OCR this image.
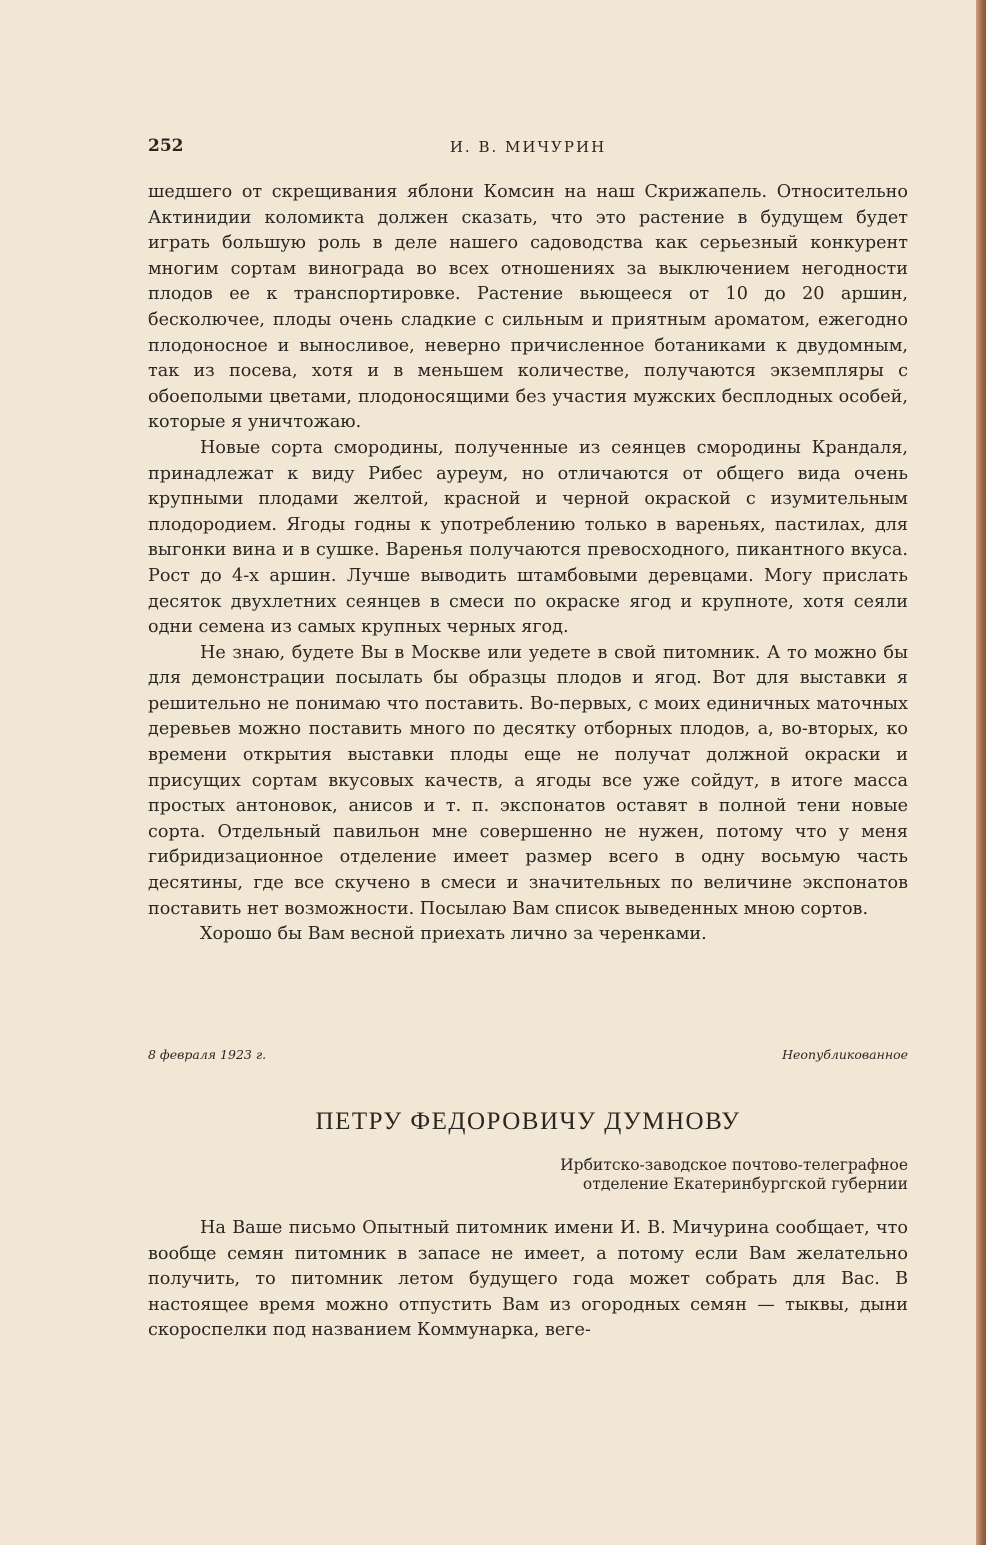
252	И. В. МИЧУРИН

шедшего от скрещивания яблони Комсин на наш Скрижапель. Относительно Актинидии коломикта должен сказать, что это растение в будущем будет играть большую роль в деле нашего садоводства как серьезный конкурент многим сортам винограда во всех отношениях за выключением негодности плодов ее к транспортировке. Растение вьющееся от 10 до 20 аршин, бесколючее, плоды очень сладкие с сильным и приятным ароматом, ежегодно плодоносное и выносливое, неверно причисленное ботаниками к двудомным, так из посева, хотя и в меньшем количестве, получаются экземпляры с обоеполыми цветами, плодоносящими без участия мужских бесплодных особей, которые я уничтожаю.

Новые сорта смородины, полученные из сеянцев смородины Крандаля, принадлежат к виду Рибес ауреум, но отличаются от общего вида очень крупными плодами желтой, красной и черной окраской с изумительным плодородием. Ягоды годны к употреблению только в вареньях, пастилах, для выгонки вина и в сушке. Варенья получаются превосходного, пикантного вкуса. Рост до 4-х аршин. Лучше выводить штамбовыми деревцами. Могу прислать десяток двухлетних сеянцев в смеси по окраске ягод и крупноте, хотя сеяли одни семена из самых крупных черных ягод.

Не знаю, будете Вы в Москве или уедете в свой питомник. А то можно бы для демонстрации посылать бы образцы плодов и ягод. Вот для выставки я решительно не понимаю что поставить. Во-первых, с моих единичных маточных деревьев можно поставить много по десятку отборных плодов, а, во-вторых, ко времени открытия выставки плоды еще не получат должной окраски и присущих сортам вкусовых качеств, а ягоды все уже сойдут, в итоге масса простых антоновок, анисов и т. п. экспонатов оставят в полной тени новые сорта. Отдельный павильон мне совершенно не нужен, потому что у меня гибридизационное отделение имеет размер всего в одну восьмую часть десятины, где все скучено в смеси и значительных по величине экспонатов поставить нет возможности. Посылаю Вам список выведенных мною сортов.

Хорошо бы Вам весной приехать лично за черенками.

8 февраля 1923 г.	Неопубликованное
ПЕТРУ ФЕДОРОВИЧУ ДУМНОВУ
Ирбитско-заводское почтово-телеграфное
отделение Екатеринбургской губернии

На Ваше письмо Опытный питомник имени И. В. Мичурина сообщает, что вообще семян питомник в запасе не имеет, а потому если Вам желательно получить, то питомник летом будущего года может собрать для Вас. В настоящее время можно отпустить Вам из огородных семян — тыквы, дыни скороспелки под названием Коммунарка, веге-
